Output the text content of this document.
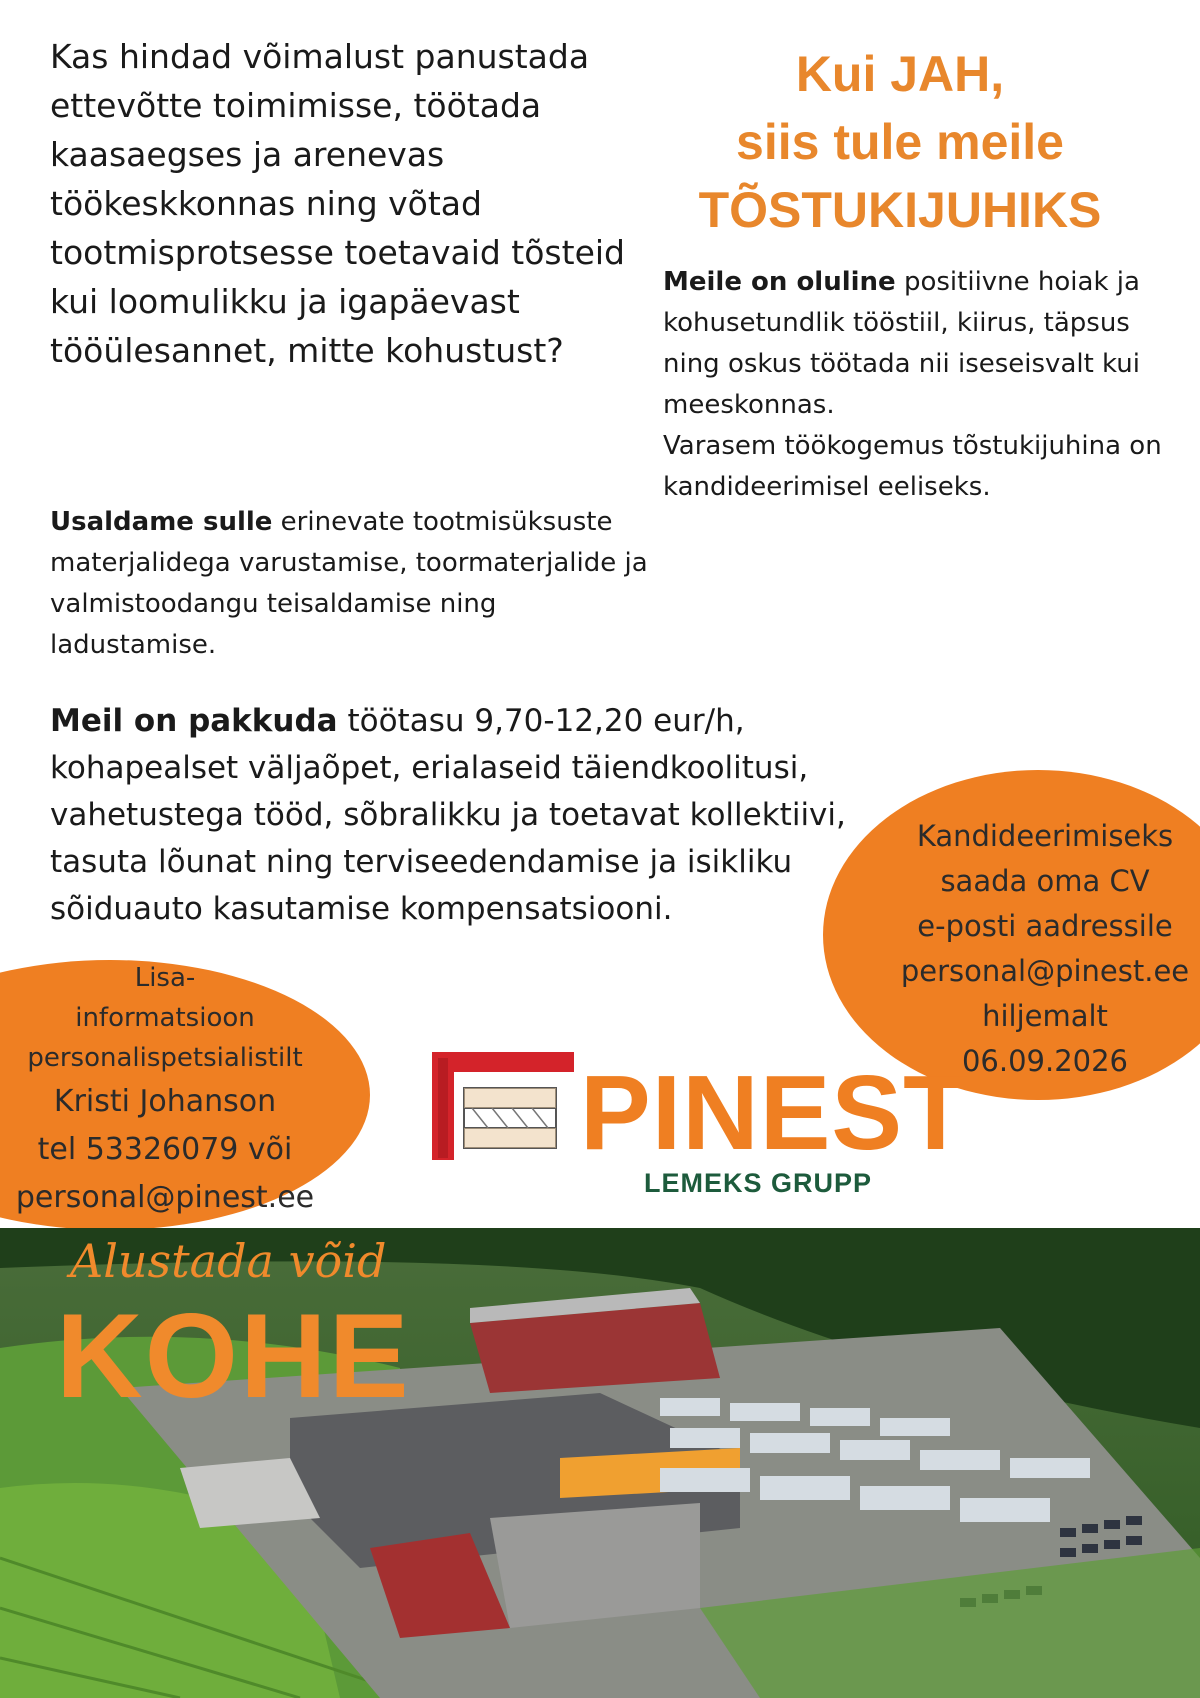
Kas hindad võimalust panustada ettevõtte toimimisse, töötada kaasaegses ja arenevas töökeskkonnas ning võtad tootmisprotsesse toetavaid tõsteid kui loomulikku ja igapäevast tööülesannet, mitte kohustust?
Kui JAH,
siis tule meile
TÕSTUKIJUHIKS
Meile on oluline positiivne hoiak ja kohusetundlik tööstiil, kiirus, täpsus ning oskus töötada nii iseseisvalt kui meeskonnas.
Varasem töökogemus tõstukijuhina on kandideerimisel eeliseks.
Usaldame sulle erinevate tootmisüksuste materjalidega varustamise, toormaterjalide ja valmistoodangu teisaldamise ning ladustamise.
Meil on pakkuda töötasu 9,70-12,20 eur/h, kohapealset väljaõpet, erialaseid täiendkoolitusi, vahetustega tööd, sõbralikku ja toetavat kollektiivi, tasuta lõunat ning terviseedendamise ja isikliku sõiduauto kasutamise kompensatsiooni.
Kandideerimiseks
saada oma CV
e-posti aadressile
personal@pinest.ee
hiljemalt
06.09.2026
Lisa-
informatsioon
personalispetsialistilt
Kristi Johanson
tel 53326079 või
personal@pinest.ee
PINEST
LEMEKS GRUPP
Alustada võid
KOHE
